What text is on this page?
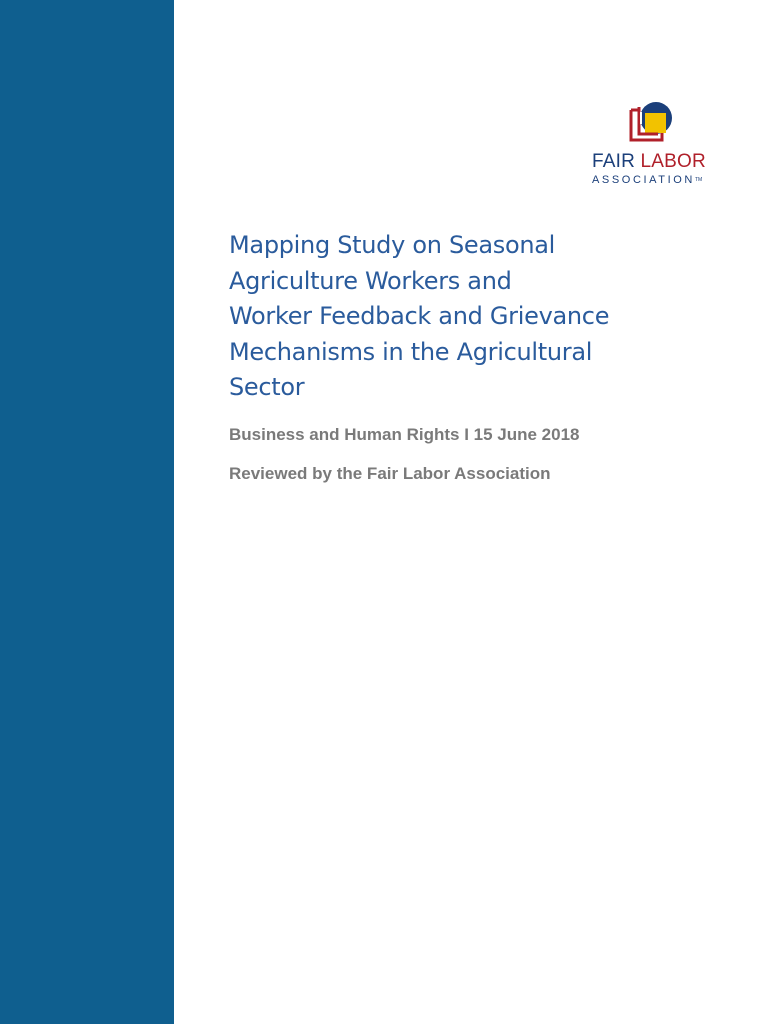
FAIR LABOR
ASSOCIATIONTM
Mapping Study on Seasonal
Agriculture Workers and
Worker Feedback and Grievance
Mechanisms in the Agricultural
Sector
Business and Human Rights I 15 June 2018
Reviewed by the Fair Labor Association
